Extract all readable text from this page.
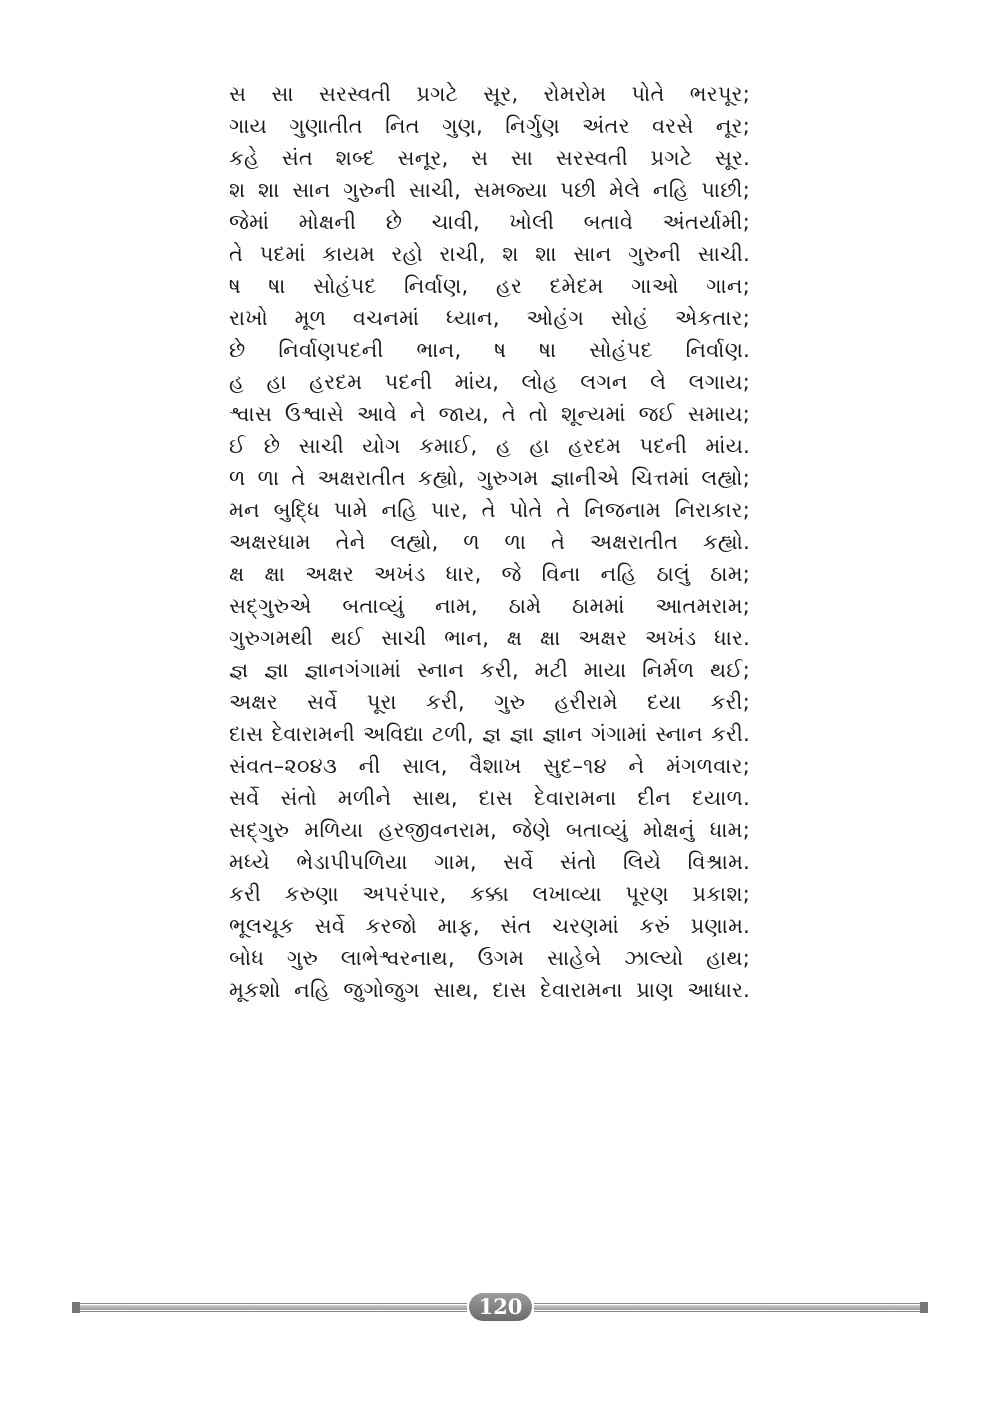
સ સા સરસ્વતી પ્રગટે સૂર, રોમરોમ પોતે ભરપૂર;
ગાય ગુણાતીત નિત ગુણ, નિર્ગુણ અંતર વરસે નૂર;
કહે સંત શબ્દ સનૂર, સ સા સરસ્વતી પ્રગટે સૂર.
શ શા સાન ગુરુની સાચી, સમજ્યા પછી મેલે નહિ પાછી;
જેમાં મોક્ષની છે ચાવી, ખોલી બતાવે અંતર્યામી;
તે પદમાં કાયમ રહો રાચી, શ શા સાન ગુરુની સાચી.
ષ ષા સોહંપદ નિર્વાણ, હર દમેદમ ગાઓ ગાન;
રાખો મૂળ વચનમાં ધ્યાન, ઓહંગ સોહં એકતાર;
છે નિર્વાણપદની ભાન, ષ ષા સોહંપદ નિર્વાણ.
હ હા હરદમ પદની માંય, લોહ લગન લે લગાય;
શ્વાસ ઉશ્વાસે આવે ને જાય, તે તો શૂન્યમાં જઈ સમાય;
ઈ છે સાચી યોગ કમાઈ, હ હા હરદમ પદની માંય.
ળ ળા તે અક્ષરાતીત કહ્યો, ગુરુગમ જ્ઞાનીએ ચિત્તમાં લહ્યો;
મન બુદ્ધિ પામે નહિ પાર, તે પોતે તે નિજનામ નિરાકાર;
અક્ષરધામ તેને લહ્યો, ળ ળા તે અક્ષરાતીત કહ્યો.
ક્ષ ક્ષા અક્ષર અખંડ ધાર, જે વિના નહિ ઠાલું ઠામ;
સદ્‌ગુરુએ બતાવ્યું નામ, ઠામે ઠામમાં આતમરામ;
ગુરુગમથી થઈ સાચી ભાન, ક્ષ ક્ષા અક્ષર અખંડ ધાર.
જ્ઞ જ્ઞા જ્ઞાનગંગામાં સ્નાન કરી, મટી માયા નિર્મળ થઈ;
અક્ષર સર્વે પૂરા કરી, ગુરુ હરીરામે દયા કરી;
દાસ દેવારામની અવિદ્યા ટળી, જ્ઞ જ્ઞા જ્ઞાન ગંગામાં સ્નાન કરી.
સંવત–૨૦૪૩ ની સાલ, વૈશાખ સુદ–૧૪ ને મંગળવાર;
સર્વે સંતો મળીને સાથ, દાસ દેવારામના દીન દયાળ.
સદ્‌ગુરુ મળિયા હરજીવનરામ, જેણે બતાવ્યું મોક્ષનું ધામ;
મધ્યે ભેડાપીપળિયા ગામ, સર્વે સંતો લિયે વિશ્રામ.
કરી કરુણા અપરંપાર, કક્કા લખાવ્યા પૂરણ પ્રકાશ;
ભૂલચૂક સર્વે કરજો માફ, સંત ચરણમાં કરું પ્રણામ.
બોધ ગુરુ લાભેશ્વરનાથ, ઉગમ સાહેબે ઝાલ્યો હાથ;
મૂકશો નહિ જુગોજુગ સાથ, દાસ દેવારામના પ્રાણ આધાર.
120
